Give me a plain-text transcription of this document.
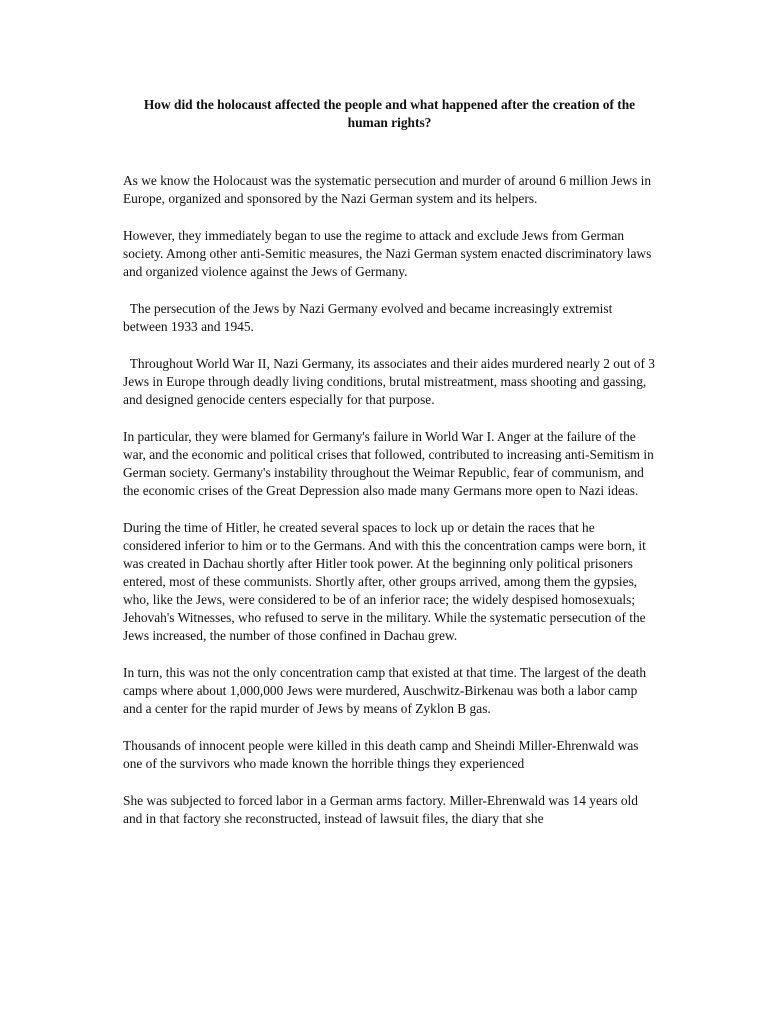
How did the holocaust affected the people and what happened after the creation of the human rights?

As we know the Holocaust was the systematic persecution and murder of around 6 million Jews in Europe, organized and sponsored by the Nazi German system and its helpers.

However, they immediately began to use the regime to attack and exclude Jews from German society. Among other anti-Semitic measures, the Nazi German system enacted discriminatory laws and organized violence against the Jews of Germany.

The persecution of the Jews by Nazi Germany evolved and became increasingly extremist between 1933 and 1945.

Throughout World War II, Nazi Germany, its associates and their aides murdered nearly 2 out of 3 Jews in Europe through deadly living conditions, brutal mistreatment, mass shooting and gassing, and designed genocide centers especially for that purpose.

In particular, they were blamed for Germany's failure in World War I. Anger at the failure of the war, and the economic and political crises that followed, contributed to increasing anti-Semitism in German society. Germany's instability throughout the Weimar Republic, fear of communism, and the economic crises of the Great Depression also made many Germans more open to Nazi ideas.

During the time of Hitler, he created several spaces to lock up or detain the races that he considered inferior to him or to the Germans. And with this the concentration camps were born, it was created in Dachau shortly after Hitler took power. At the beginning only political prisoners entered, most of these communists. Shortly after, other groups arrived, among them the gypsies, who, like the Jews, were considered to be of an inferior race; the widely despised homosexuals; Jehovah's Witnesses, who refused to serve in the military. While the systematic persecution of the Jews increased, the number of those confined in Dachau grew.

In turn, this was not the only concentration camp that existed at that time. The largest of the death camps where about 1,000,000 Jews were murdered, Auschwitz-Birkenau was both a labor camp and a center for the rapid murder of Jews by means of Zyklon B gas.

Thousands of innocent people were killed in this death camp and Sheindi Miller-Ehrenwald was one of the survivors who made known the horrible things they experienced

She was subjected to forced labor in a German arms factory. Miller-Ehrenwald was 14 years old and in that factory she reconstructed, instead of lawsuit files, the diary that she
